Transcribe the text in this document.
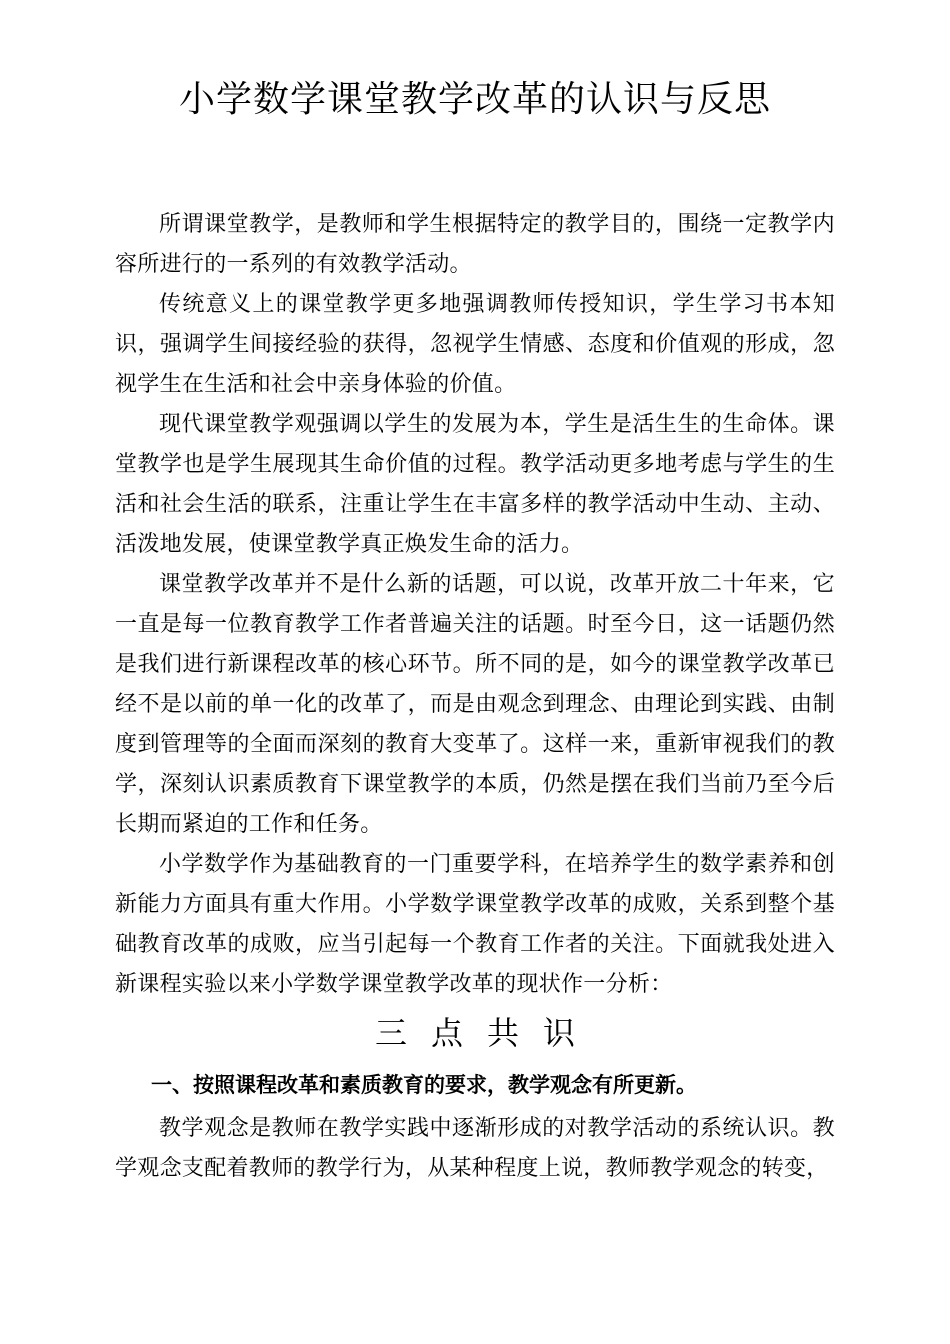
小学数学课堂教学改革的认识与反思

所谓课堂教学，是教师和学生根据特定的教学目的，围绕一定教学内容所进行的一系列的有效教学活动。

传统意义上的课堂教学更多地强调教师传授知识，学生学习书本知识，强调学生间接经验的获得，忽视学生情感、态度和价值观的形成，忽视学生在生活和社会中亲身体验的价值。

现代课堂教学观强调以学生的发展为本，学生是活生生的生命体。课堂教学也是学生展现其生命价值的过程。教学活动更多地考虑与学生的生活和社会生活的联系，注重让学生在丰富多样的教学活动中生动、主动、活泼地发展，使课堂教学真正焕发生命的活力。

课堂教学改革并不是什么新的话题，可以说，改革开放二十年来，它一直是每一位教育教学工作者普遍关注的话题。时至今日，这一话题仍然是我们进行新课程改革的核心环节。所不同的是，如今的课堂教学改革已经不是以前的单一化的改革了，而是由观念到理念、由理论到实践、由制度到管理等的全面而深刻的教育大变革了。这样一来，重新审视我们的教学，深刻认识素质教育下课堂教学的本质，仍然是摆在我们当前乃至今后长期而紧迫的工作和任务。

小学数学作为基础教育的一门重要学科，在培养学生的数学素养和创新能力方面具有重大作用。小学数学课堂教学改革的成败，关系到整个基础教育改革的成败，应当引起每一个教育工作者的关注。下面就我处进入新课程实验以来小学数学课堂教学改革的现状作一分析：

三点共识
一、按照课程改革和素质教育的要求，教学观念有所更新。

教学观念是教师在教学实践中逐渐形成的对教学活动的系统认识。教学观念支配着教师的教学行为，从某种程度上说，教师教学观念的转变，
